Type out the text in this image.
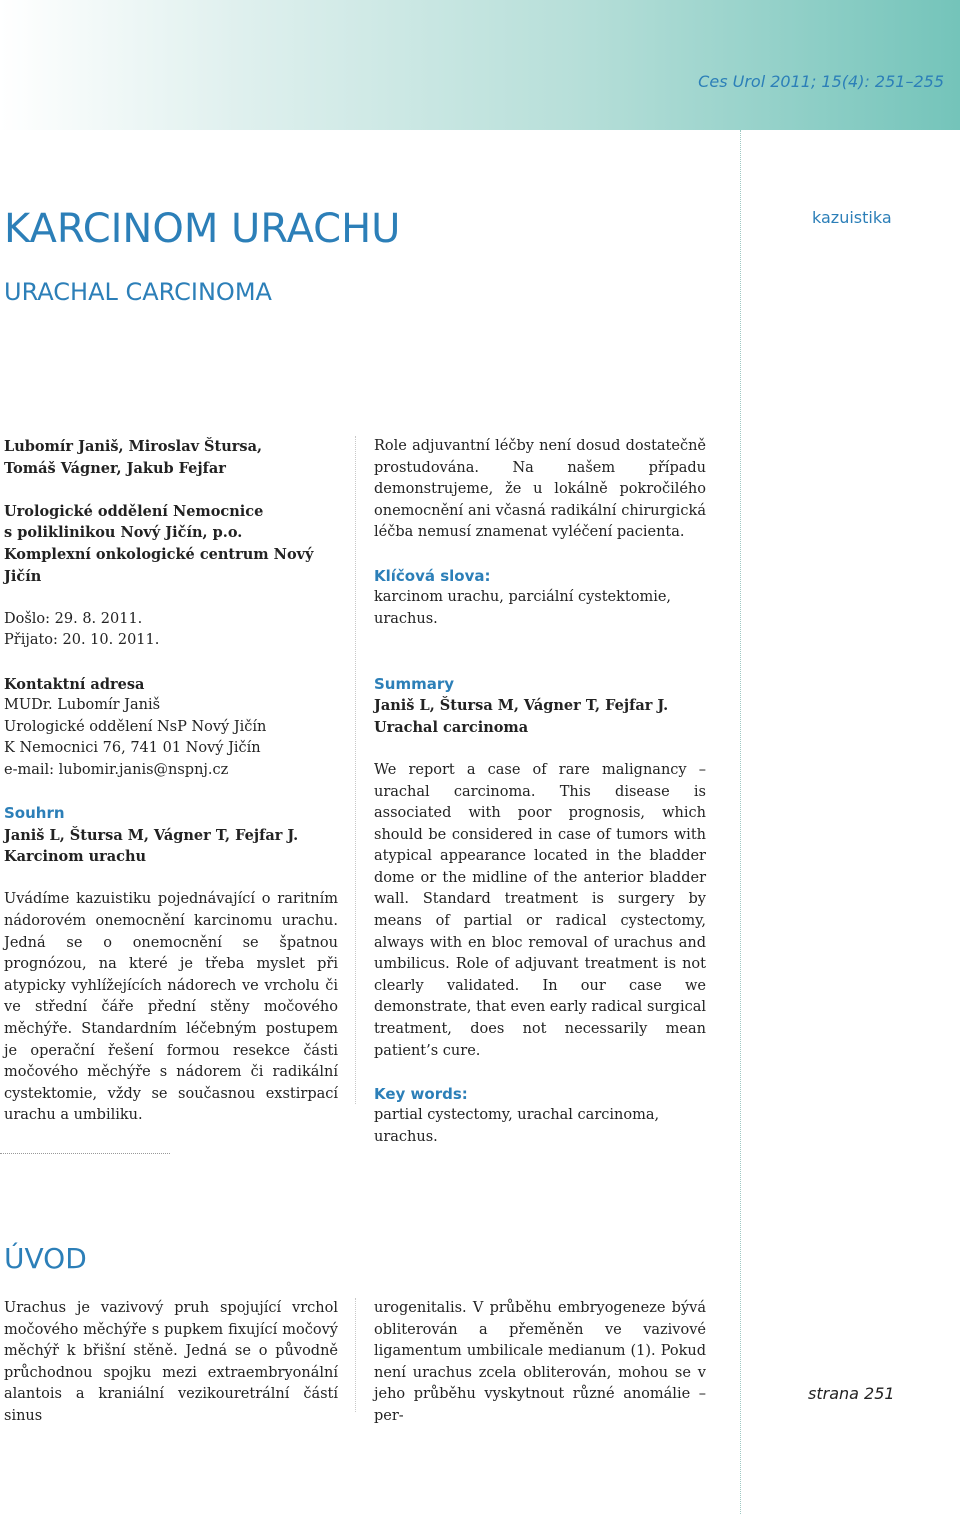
Ces Urol 2011; 15(4): 251–255
kazuistika
KARCINOM URACHU
URACHAL CARCINOMA

Lubomír Janiš, Miroslav Štursa,

Tomáš Vágner, Jakub Fejfar

Urologické oddělení Nemocnice

s poliklinikou Nový Jičín, p.o.

Komplexní onkologické centrum Nový Jičín

Došlo: 29. 8. 2011.

Přijato: 20. 10. 2011.

Kontaktní adresa

MUDr. Lubomír Janiš

Urologické oddělení NsP Nový Jičín

K Nemocnici 76, 741 01 Nový Jičín

e-mail: lubomir.janis@nspnj.cz

Souhrn

Janiš L, Štursa M, Vágner T, Fejfar J. Karcinom urachu

Uvádíme kazuistiku pojednávající o raritním nádorovém onemocnění karcinomu urachu. Jedná se o onemocnění se špatnou prognózou, na které je třeba myslet při atypicky vyhlížejících nádorech ve vrcholu či ve střední čáře přední stěny močového měchýře. Standardním léčebným postupem je operační řešení formou resekce části močového měchýře s nádorem či radikální cystektomie, vždy se současnou exstirpací urachu a umbiliku.

Role adjuvantní léčby není dosud dostatečně prostudována. Na našem případu demonstrujeme, že u lokálně pokročilého onemocnění ani včasná radikální chirurgická léčba nemusí znamenat vyléčení pacienta.

Klíčová slova:

karcinom urachu, parciální cystektomie, urachus.

Summary

Janiš L, Štursa M, Vágner T, Fejfar J. Urachal carcinoma

We report a case of rare malignancy – urachal carcinoma. This disease is associated with poor prognosis, which should be considered in case of tumors with atypical appearance located in the bladder dome or the midline of the anterior bladder wall. Standard treatment is surgery by means of partial or radical cystectomy, always with en bloc removal of urachus and umbilicus. Role of adjuvant treatment is not clearly validated. In our case we demonstrate, that even early radical surgical treatment, does not necessarily mean patient’s cure.

Key words:

partial cystectomy, urachal carcinoma, urachus.

ÚVOD

Urachus je vazivový pruh spojující vrchol močového měchýře s pupkem fixující močový měchýř k břišní stěně. Jedná se o původně průchodnou spojku mezi extraembryonální alantois a kraniální vezikouretrální částí sinus

urogenitalis. V průběhu embryogeneze bývá obliterován a přeměněn ve vazivové ligamentum umbilicale medianum (1). Pokud není urachus zcela obliterován, mohou se v jeho průběhu vyskytnout různé anomálie – per-

strana 251
